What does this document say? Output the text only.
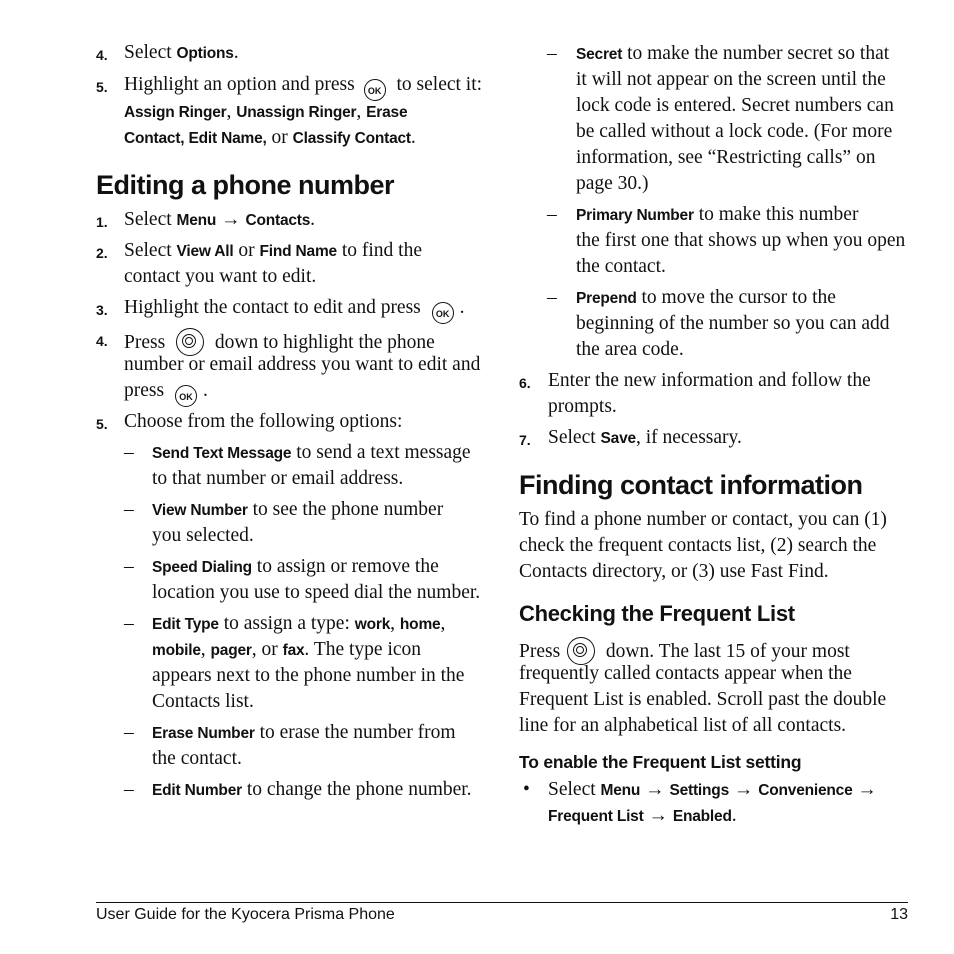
4. Select Options.
5. Highlight an option and press OK to select it:
Assign Ringer, Unassign Ringer, Erase
Contact, Edit Name, or Classify Contact.
Editing a phone number
1. Select Menu → Contacts.
2. Select View All or Find Name to find the
contact you want to edit.
3. Highlight the contact to edit and press OK .
4. Press  down to highlight the phone
number or email address you want to edit and
press OK .
5. Choose from the following options:
– Send Text Message to send a text message
to that number or email address.
– View Number to see the phone number
you selected.
– Speed Dialing to assign or remove the
location you use to speed dial the number.
– Edit Type to assign a type: work, home,
mobile, pager, or fax. The type icon
appears next to the phone number in the
Contacts list.
– Erase Number to erase the number from
the contact.
– Edit Number to change the phone number.
– Secret to make the number secret so that
it will not appear on the screen until the
lock code is entered. Secret numbers can
be called without a lock code. (For more
information, see “Restricting calls” on
page 30.)
– Primary Number to make this number
the first one that shows up when you open
the contact.
– Prepend to move the cursor to the
beginning of the number so you can add
the area code.
6. Enter the new information and follow the
prompts.
7. Select Save, if necessary.
Finding contact information
To find a phone number or contact, you can (1)
check the frequent contacts list, (2) search the
Contacts directory, or (3) use Fast Find.
Checking the Frequent List
Press  down. The last 15 of your most
frequently called contacts appear when the
Frequent List is enabled. Scroll past the double
line for an alphabetical list of all contacts.
To enable the Frequent List setting
• Select Menu → Settings → Convenience →
Frequent List → Enabled.
User Guide for the Kyocera Prisma Phone	13
